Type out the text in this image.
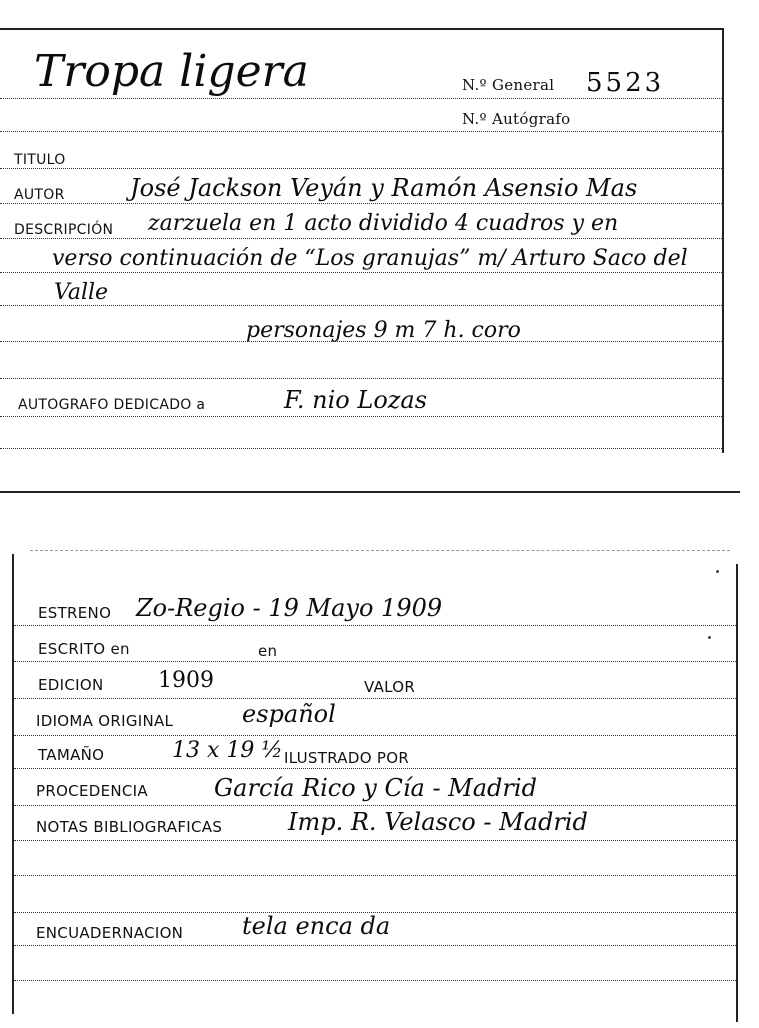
Tropa ligera	N.º General 5523
N.º Autógrafo
TITULO
AUTOR	José Jackson Veyán y Ramón Asensio Mas
DESCRIPCIÓN zarzuela en 1 acto dividido 4 cuadros y en
verso continuación de “Los granujas” m/ Arturo Saco del
Valle
personajes 9 m 7 h. coro
AUTOGRAFO DEDICADO a	F. nio Lozas
ESTRENO Zo-Regio - 19 Mayo 1909
ESCRITO en	en
EDICION 1909	VALOR
IDIOMA ORIGINAL	español
TAMAÑO	13 x 19 ½ ILUSTRADO POR
PROCEDENCIA	García Rico y Cía - Madrid
NOTAS BIBLIOGRAFICAS	Imp. R. Velasco - Madrid
ENCUADERNACION tela enca da
